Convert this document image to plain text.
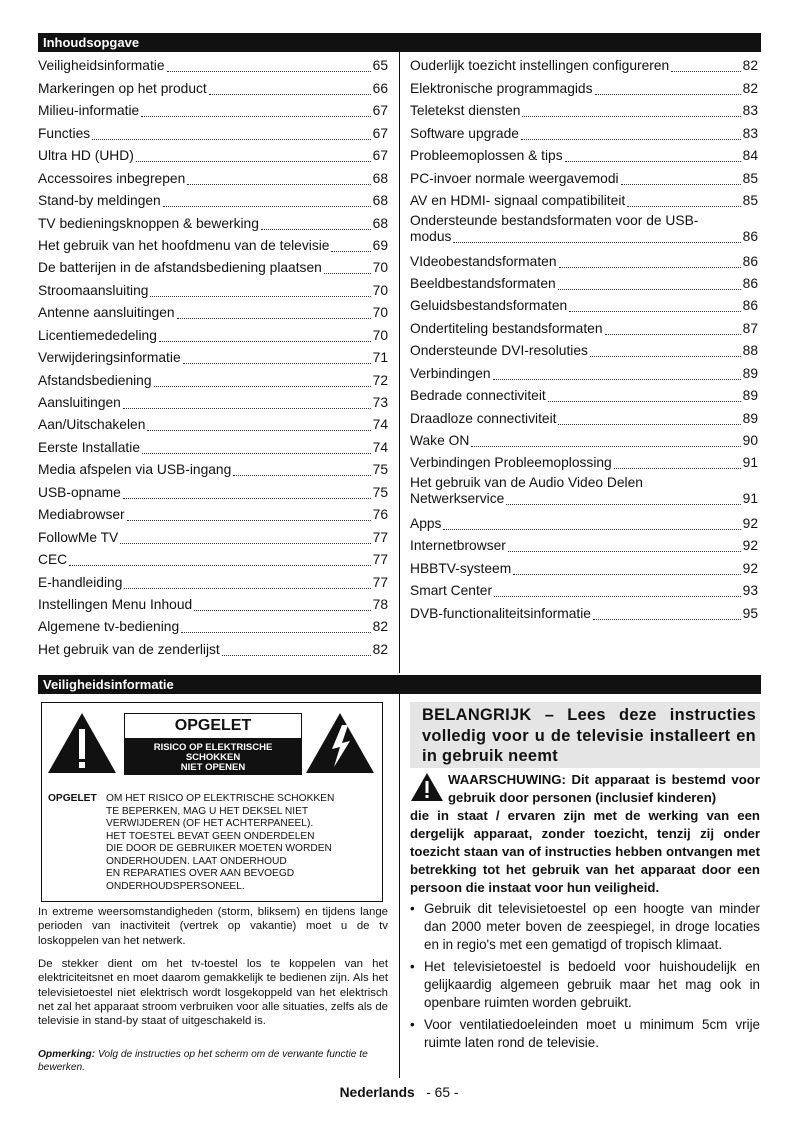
Inhoudsopgave
Veiligheidsinformatie	65
Markeringen op het product	66
Milieu-informatie	67
Functies	67
Ultra HD (UHD)	67
Accessoires inbegrepen	68
Stand-by meldingen	68
TV bedieningsknoppen & bewerking	68
Het gebruik van het hoofdmenu van de televisie	69
De batterijen in de afstandsbediening plaatsen	70
Stroomaansluiting	70
Antenne aansluitingen	70
Licentiemededeling	70
Verwijderingsinformatie	71
Afstandsbediening	72
Aansluitingen	73
Aan/Uitschakelen	74
Eerste Installatie	74
Media afspelen via USB-ingang	75
USB-opname	75
Mediabrowser	76
FollowMe TV	77
CEC	77
E-handleiding	77
Instellingen Menu Inhoud	78
Algemene tv-bediening	82
Het gebruik van de zenderlijst	82
Ouderlijk toezicht instellingen configureren	82
Elektronische programmagids	82
Teletekst diensten	83
Software upgrade	83
Probleemoplossen & tips	84
PC-invoer normale weergavemodi	85
AV en HDMI- signaal compatibiliteit	85
Ondersteunde bestandsformaten voor de USB-
modus	86
VIdeobestandsformaten	86
Beeldbestandsformaten	86
Geluidsbestandsformaten	86
Ondertiteling bestandsformaten	87
Ondersteunde DVI-resoluties	88
Verbindingen	89
Bedrade connectiviteit	89
Draadloze connectiviteit	89
Wake ON	90
Verbindingen Probleemoplossing	91
Het gebruik van de Audio Video Delen
Netwerkservice	91
Apps	92
Internetbrowser	92
HBBTV-systeem	92
Smart Center	93
DVB-functionaliteitsinformatie	95
Veiligheidsinformatie
OPGELET
RISICO OP ELEKTRISCHE
SCHOKKEN
NIET OPENEN
OPGELET OM HET RISICO OP ELEKTRISCHE SCHOKKEN
TE BEPERKEN, MAG U HET DEKSEL NIET
VERWIJDEREN (OF HET ACHTERPANEEL).
HET TOESTEL BEVAT GEEN ONDERDELEN
DIE DOOR DE GEBRUIKER MOETEN WORDEN
ONDERHOUDEN. LAAT ONDERHOUD
EN REPARATIES OVER AAN BEVOEGD
ONDERHOUDSPERSONEEL.
In extreme weersomstandigheden (storm, bliksem) en tijdens lange perioden van inactiviteit (vertrek op vakantie) moet u de tv loskoppelen van het netwerk.
De stekker dient om het tv-toestel los te koppelen van het elektriciteitsnet en moet daarom gemakkelijk te bedienen zijn. Als het televisietoestel niet elektrisch wordt losgekoppeld van het elektrisch net zal het apparaat stroom verbruiken voor alle situaties, zelfs als de televisie in stand-by staat of uitgeschakeld is.
Opmerking: Volg de instructies op het scherm om de verwante functie te bewerken.
BELANGRIJK – Lees deze instructies volledig voor u de televisie installeert en in gebruik neemt
WAARSCHUWING: Dit apparaat is bestemd voor gebruik door personen (inclusief kinderen)
die in staat / ervaren zijn met de werking van een dergelijk apparaat, zonder toezicht, tenzij zij onder toezicht staan van of instructies hebben ontvangen met betrekking tot het gebruik van het apparaat door een persoon die instaat voor hun veiligheid.
• Gebruik dit televisietoestel op een hoogte van minder dan 2000 meter boven de zeespiegel, in droge locaties en in regio's met een gematigd of tropisch klimaat.
• Het televisietoestel is bedoeld voor huishoudelijk en gelijkaardig algemeen gebruik maar het mag ook in openbare ruimten worden gebruikt.
• Voor ventilatiedoeleinden moet u minimum 5cm vrije ruimte laten rond de televisie.
Nederlands - 65 -
